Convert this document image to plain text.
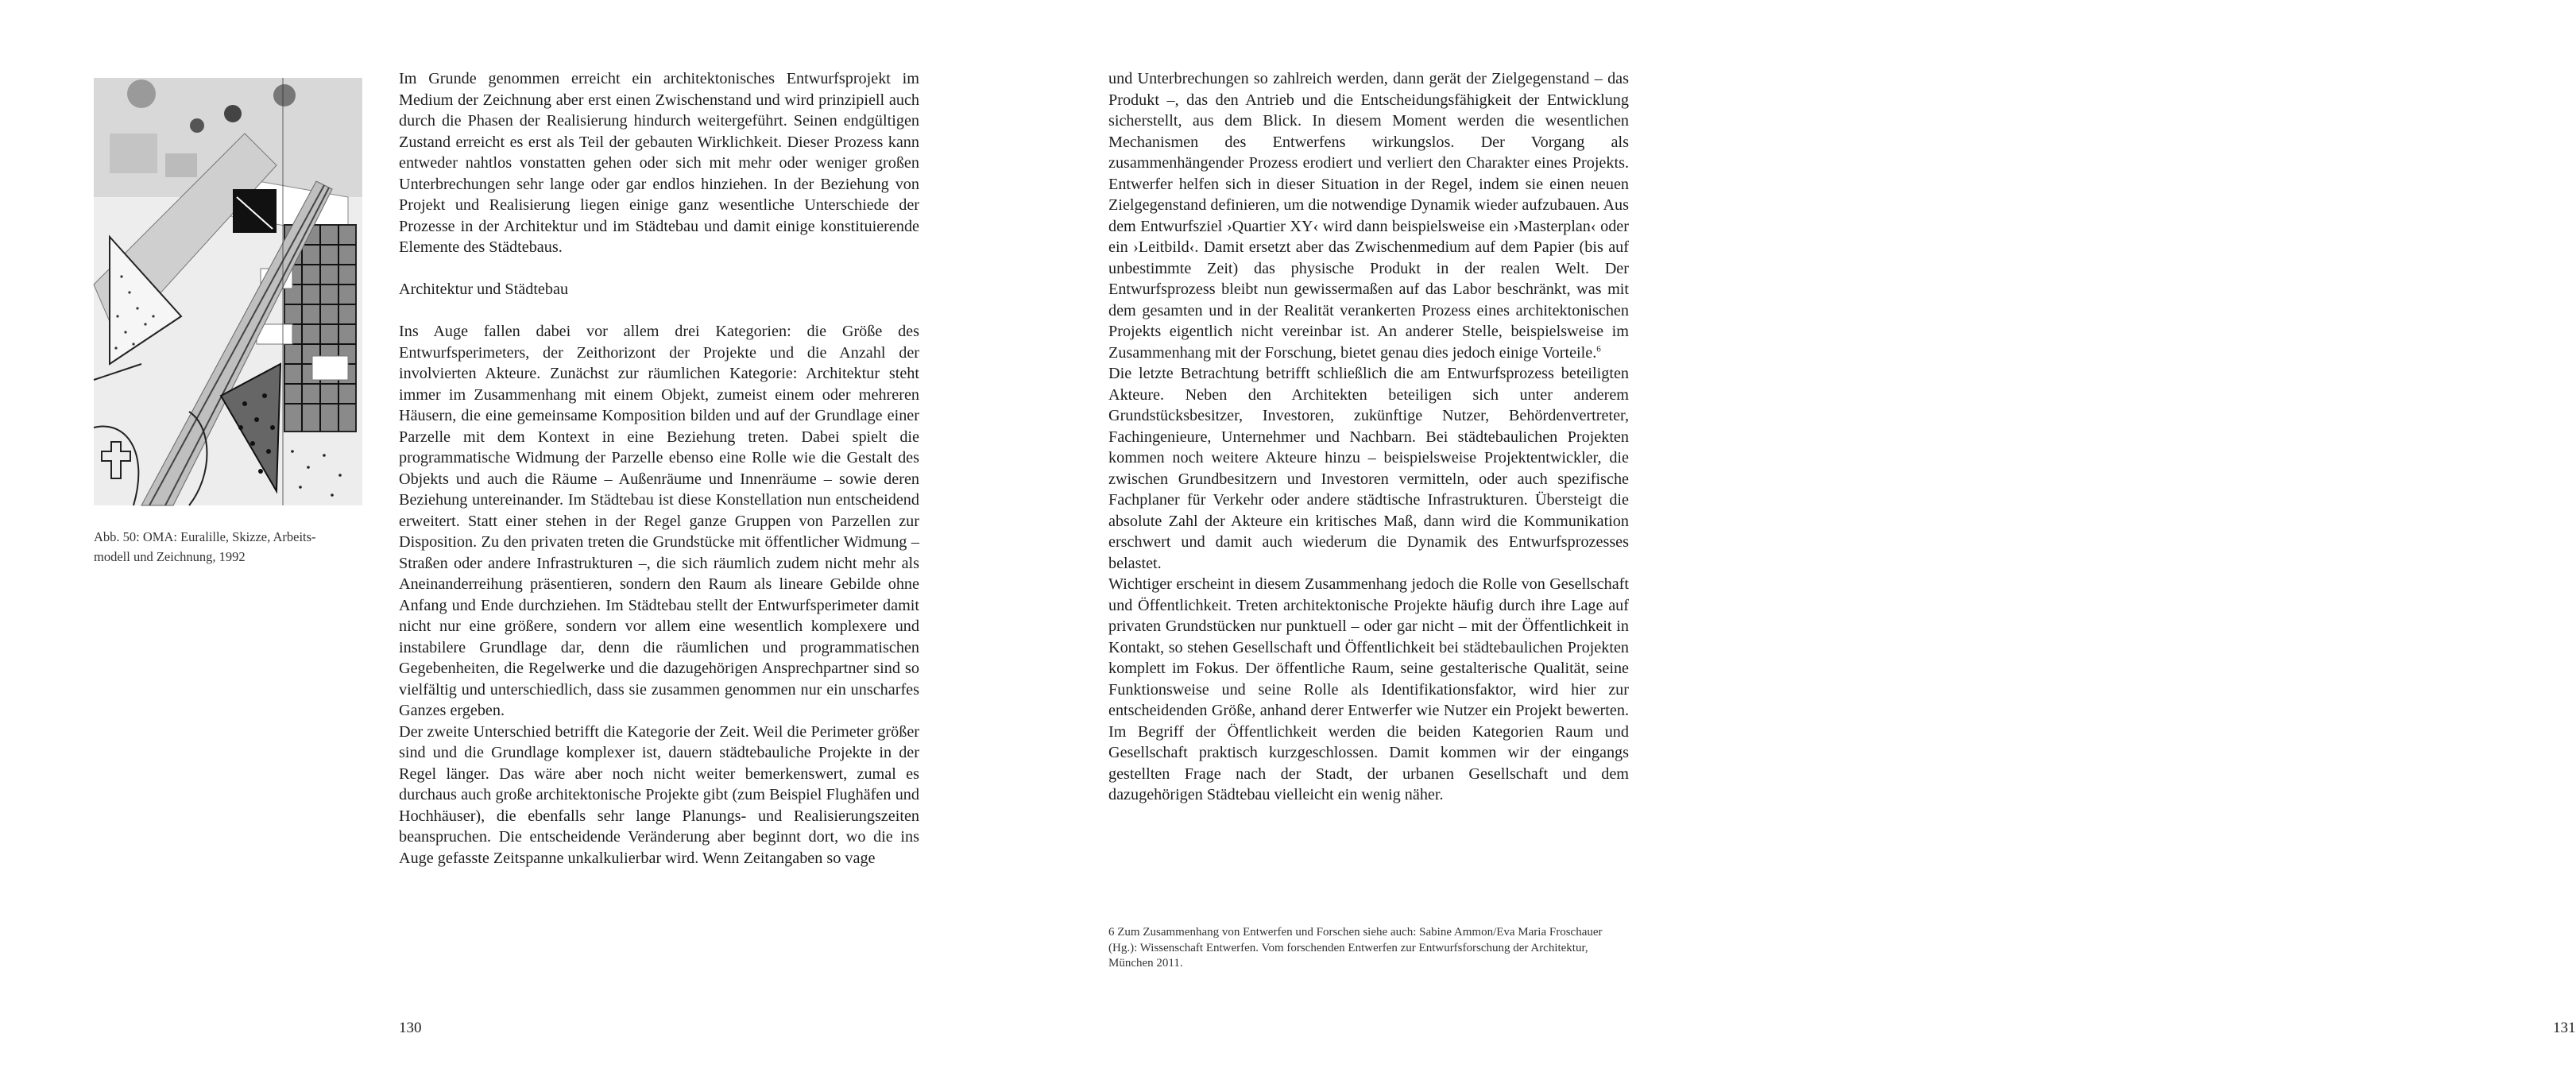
Abb. 50: OMA: Euralille, Skizze, Arbeits-
modell und Zeichnung, 1992

Im Grunde genommen erreicht ein architektonisches Entwurfsprojekt im Medium der Zeichnung aber erst einen Zwischenstand und wird prinzipiell auch durch die Phasen der Realisierung hindurch weitergeführt. Seinen endgültigen Zustand erreicht es erst als Teil der gebauten Wirklichkeit. Dieser Prozess kann entweder nahtlos vonstatten gehen oder sich mit mehr oder weniger großen Unterbrechungen sehr lange oder gar endlos hinziehen. In der Beziehung von Projekt und Realisierung liegen einige ganz wesentliche Unterschiede der Prozesse in der Architektur und im Städtebau und damit einige konstituierende Elemente des Städtebaus.

Architektur und Städtebau

Ins Auge fallen dabei vor allem drei Kategorien: die Größe des Entwurfsperimeters, der Zeithorizont der Projekte und die Anzahl der involvierten Akteure. Zunächst zur räumlichen Kategorie: Architektur steht immer im Zusammenhang mit einem Objekt, zumeist einem oder mehreren Häusern, die eine gemeinsame Komposition bilden und auf der Grundlage einer Parzelle mit dem Kontext in eine Beziehung treten. Dabei spielt die programmatische Widmung der Parzelle ebenso eine Rolle wie die Gestalt des Objekts und auch die Räume – Außenräume und Innenräume – sowie deren Beziehung untereinander. Im Städtebau ist diese Konstellation nun entscheidend erweitert. Statt einer stehen in der Regel ganze Gruppen von Parzellen zur Disposition. Zu den privaten treten die Grundstücke mit öffentlicher Widmung – Straßen oder andere Infrastrukturen –, die sich räumlich zudem nicht mehr als Aneinanderreihung präsentieren, sondern den Raum als lineare Gebilde ohne Anfang und Ende durchziehen. Im Städtebau stellt der Entwurfsperimeter damit nicht nur eine größere, sondern vor allem eine wesentlich komplexere und instabilere Grundlage dar, denn die räumlichen und programmatischen Gegebenheiten, die Regelwerke und die dazugehörigen Ansprechpartner sind so vielfältig und unterschiedlich, dass sie zusammen genommen nur ein unscharfes Ganzes ergeben.

Der zweite Unterschied betrifft die Kategorie der Zeit. Weil die Perimeter größer sind und die Grundlage komplexer ist, dauern städtebauliche Projekte in der Regel länger. Das wäre aber noch nicht weiter bemerkenswert, zumal es durchaus auch große architektonische Projekte gibt (zum Beispiel Flughäfen und Hochhäuser), die ebenfalls sehr lange Planungs- und Realisierungszeiten beanspruchen. Die entscheidende Veränderung aber beginnt dort, wo die ins Auge gefasste Zeitspanne unkalkulierbar wird. Wenn Zeitangaben so vage

130

und Unterbrechungen so zahlreich werden, dann gerät der Zielgegenstand – das Produkt –, das den Antrieb und die Entscheidungsfähigkeit der Entwicklung sicherstellt, aus dem Blick. In diesem Moment werden die wesentlichen Mechanismen des Entwerfens wirkungslos. Der Vorgang als zusammenhängender Prozess erodiert und verliert den Charakter eines Projekts. Entwerfer helfen sich in dieser Situation in der Regel, indem sie einen neuen Zielgegenstand definieren, um die notwendige Dynamik wieder aufzubauen. Aus dem Entwurfsziel ›Quartier XY‹ wird dann beispielsweise ein ›Masterplan‹ oder ein ›Leitbild‹. Damit ersetzt aber das Zwischenmedium auf dem Papier (bis auf unbestimmte Zeit) das physische Produkt in der realen Welt. Der Entwurfsprozess bleibt nun gewissermaßen auf das Labor beschränkt, was mit dem gesamten und in der Realität verankerten Prozess eines architektonischen Projekts eigentlich nicht vereinbar ist. An anderer Stelle, beispielsweise im Zusammenhang mit der Forschung, bietet genau dies jedoch einige Vorteile.$^6$

Die letzte Betrachtung betrifft schließlich die am Entwurfsprozess beteiligten Akteure. Neben den Architekten beteiligen sich unter anderem Grundstücksbesitzer, Investoren, zukünftige Nutzer, Behördenvertreter, Fachingenieure, Unternehmer und Nachbarn. Bei städtebaulichen Projekten kommen noch weitere Akteure hinzu – beispielsweise Projektentwickler, die zwischen Grundbesitzern und Investoren vermitteln, oder auch spezifische Fachplaner für Verkehr oder andere städtische Infrastrukturen. Übersteigt die absolute Zahl der Akteure ein kritisches Maß, dann wird die Kommunikation erschwert und damit auch wiederum die Dynamik des Entwurfsprozesses belastet.

Wichtiger erscheint in diesem Zusammenhang jedoch die Rolle von Gesellschaft und Öffentlichkeit. Treten architektonische Projekte häufig durch ihre Lage auf privaten Grundstücken nur punktuell – oder gar nicht – mit der Öffentlichkeit in Kontakt, so stehen Gesellschaft und Öffentlichkeit bei städtebaulichen Projekten komplett im Fokus. Der öffentliche Raum, seine gestalterische Qualität, seine Funktionsweise und seine Rolle als Identifikationsfaktor, wird hier zur entscheidenden Größe, anhand derer Entwerfer wie Nutzer ein Projekt bewerten. Im Begriff der Öffentlichkeit werden die beiden Kategorien Raum und Gesellschaft praktisch kurzgeschlossen. Damit kommen wir der eingangs gestellten Frage nach der Stadt, der urbanen Gesellschaft und dem dazugehörigen Städtebau vielleicht ein wenig näher.

6 Zum Zusammenhang von Entwerfen und Forschen siehe auch: Sabine Ammon/Eva Maria Froschauer (Hg.): Wissenschaft Entwerfen. Vom forschenden Entwerfen zur Entwurfsforschung der Architektur, München 2011.

131
